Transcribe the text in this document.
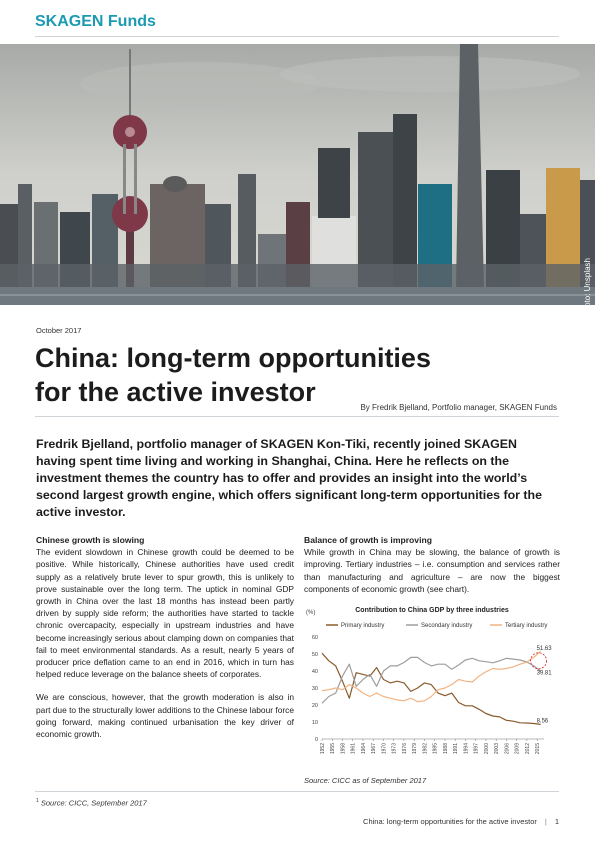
SKAGEN Funds
Photo: Unsplash
October 2017
China: long-term opportunities
for the active investor
By Fredrik Bjelland, Portfolio manager, SKAGEN Funds

Fredrik Bjelland, portfolio manager of SKAGEN Kon-Tiki, recently joined SKAGEN having spent time living and working in Shanghai, China. Here he reflects on the investment themes the country has to offer and provides an insight into the world’s second largest growth engine, which offers significant long-term opportunities for the active investor.

Chinese growth is slowing

The evident slowdown in Chinese growth could be deemed to be positive. While historically, Chinese authorities have used credit supply as a relatively brute lever to spur growth, this is unlikely to prove sustainable over the long term. The uptick in nominal GDP growth in China over the last 18 months has instead been partly driven by supply side reform; the authorities have started to tackle chronic overcapacity, especially in upstream industries and have become increasingly serious about clamping down on companies that fail to meet environmental standards. As a result, nearly 5 years of producer price deflation came to an end in 2016, which in turn has helped reduce leverage on the balance sheets of corporates.

We are conscious, however, that the growth moderation is also in part due to the structurally lower additions to the Chinese labour force going forward, making continued urbanisation the key driver of economic growth.

Balance of growth is improving

While growth in China may be slowing, the balance of growth is improving. Tertiary industries – i.e. consumption and services rather than manufacturing and agriculture – are now the biggest components of economic growth (see chart).

Contribution to China GDP by three industries
(%)
0
10
20
30
40
50
60
1952 1955 1958 1961 1964 1967 1970 1973 1976 1979 1982 1985 1988 1991 1994 1997 2000 2003 2006 2009 2012 2015
Primary industry	Secondary industry	Tertiary industry
51.63
39.81
8.56
Source: CICC as of September 2017
$^1$ Source: CICC, September 2017
China: long-term opportunities for the active investor | 1
